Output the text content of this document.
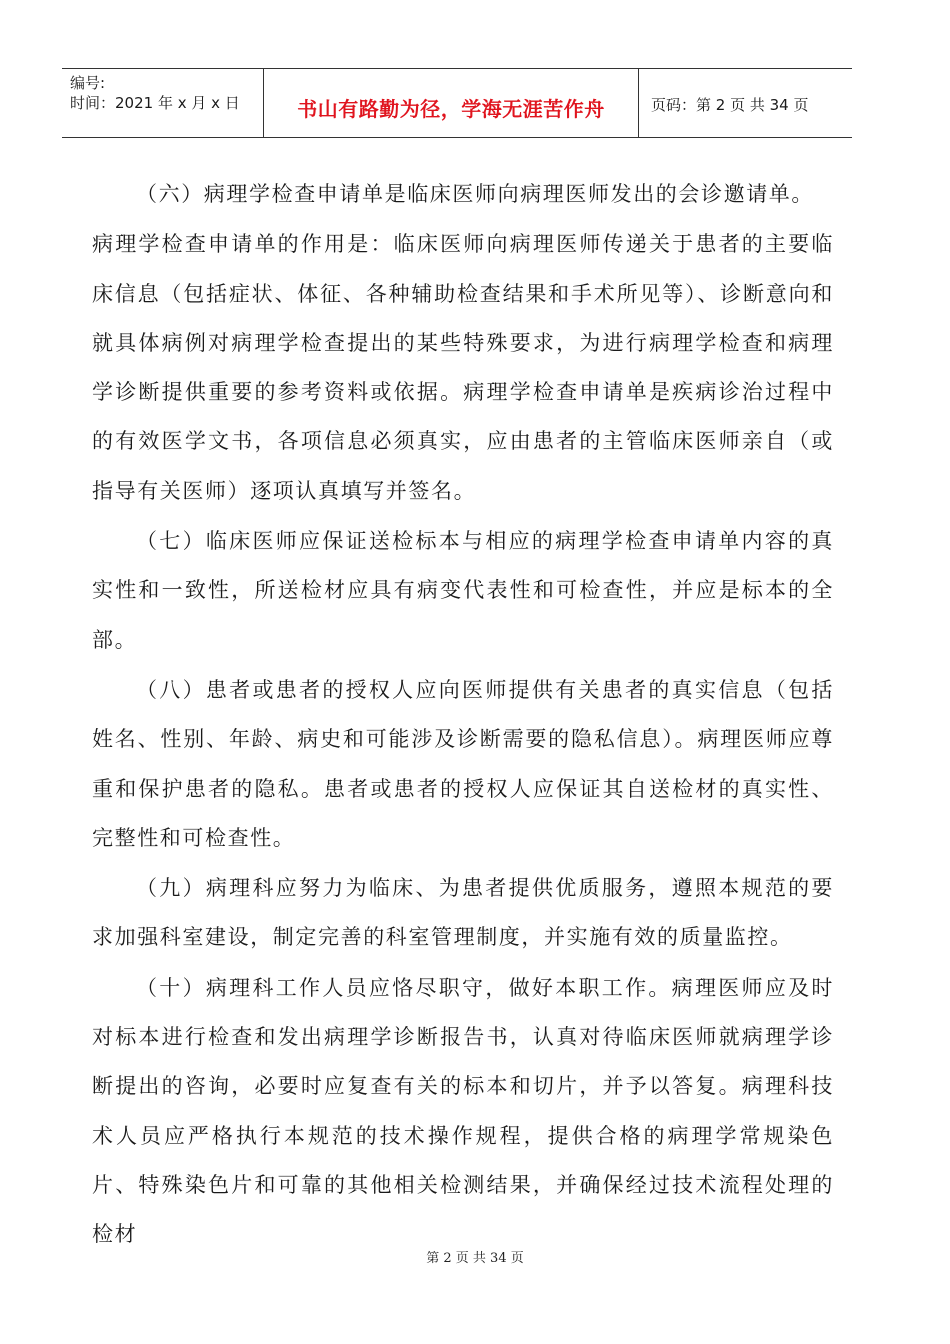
编号:
时间：2021 年 x 月 x 日	书山有路勤为径，学海无涯苦作舟	页码：第 2 页 共 34 页

（六）病理学检查申请单是临床医师向病理医师发出的会诊邀请单。

病理学检查申请单的作用是：临床医师向病理医师传递关于患者的主要临床信息（包括症状、体征、各种辅助检查结果和手术所见等）、诊断意向和就具体病例对病理学检查提出的某些特殊要求，为进行病理学检查和病理学诊断提供重要的参考资料或依据。病理学检查申请单是疾病诊治过程中的有效医学文书，各项信息必须真实，应由患者的主管临床医师亲自（或指导有关医师）逐项认真填写并签名。

（七）临床医师应保证送检标本与相应的病理学检查申请单内容的真实性和一致性，所送检材应具有病变代表性和可检查性，并应是标本的全部。

（八）患者或患者的授权人应向医师提供有关患者的真实信息（包括姓名、性别、年龄、病史和可能涉及诊断需要的隐私信息）。病理医师应尊重和保护患者的隐私。患者或患者的授权人应保证其自送检材的真实性、完整性和可检查性。

（九）病理科应努力为临床、为患者提供优质服务，遵照本规范的要求加强科室建设，制定完善的科室管理制度，并实施有效的质量监控。

（十）病理科工作人员应恪尽职守，做好本职工作。病理医师应及时对标本进行检查和发出病理学诊断报告书，认真对待临床医师就病理学诊断提出的咨询，必要时应复查有关的标本和切片，并予以答复。病理科技术人员应严格执行本规范的技术操作规程，提供合格的病理学常规染色片、特殊染色片和可靠的其他相关检测结果，并确保经过技术流程处理的检材

第 2 页 共 34 页
